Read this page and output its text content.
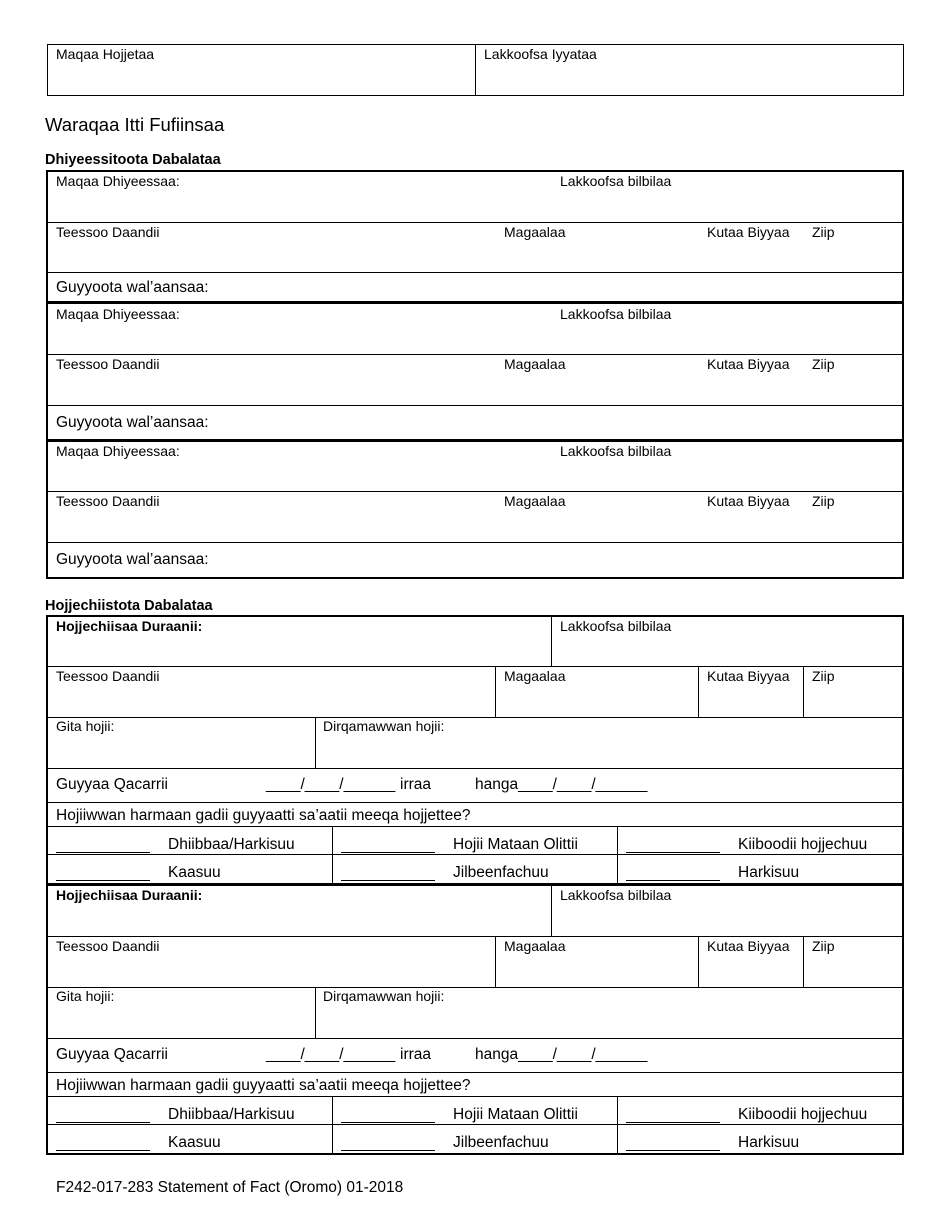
Maqaa Hojjetaa	Lakkoofsa Iyyataa
Waraqaa Itti Fufiinsaa
Dhiyeessitoota Dabalataa
Maqaa Dhiyeessaa:	Lakkoofsa bilbilaa
Teessoo Daandii	Magaalaa	Kutaa Biyyaa Ziip
Guyyoota wal’aansaa:
Maqaa Dhiyeessaa:	Lakkoofsa bilbilaa
Teessoo Daandii	Magaalaa	Kutaa Biyyaa Ziip
Guyyoota wal’aansaa:
Maqaa Dhiyeessaa:	Lakkoofsa bilbilaa
Teessoo Daandii	Magaalaa	Kutaa Biyyaa Ziip
Guyyoota wal’aansaa:
Hojjechiistota Dabalataa
Hojjechiisaa Duraanii:	Lakkoofsa bilbilaa
Teessoo Daandii	Magaalaa	Kutaa Biyyaa Ziip
Gita hojii:	Dirqamawwan hojii:
Guyyaa Qacarrii	____/____/______ irraa	hanga____/____/______
Hojiiwwan harmaan gadii guyyaatti sa’aatii meeqa hojjettee?
Dhiibbaa/Harkisuu	Hojii Mataan Olittii	Kiiboodii hojjechuu
Kaasuu	Jilbeenfachuu	Harkisuu
Hojjechiisaa Duraanii:	Lakkoofsa bilbilaa
Teessoo Daandii	Magaalaa	Kutaa Biyyaa Ziip
Gita hojii:	Dirqamawwan hojii:
Guyyaa Qacarrii	____/____/______ irraa	hanga____/____/______
Hojiiwwan harmaan gadii guyyaatti sa’aatii meeqa hojjettee?
Dhiibbaa/Harkisuu	Hojii Mataan Olittii	Kiiboodii hojjechuu
Kaasuu	Jilbeenfachuu	Harkisuu
F242-017-283 Statement of Fact (Oromo) 01-2018
